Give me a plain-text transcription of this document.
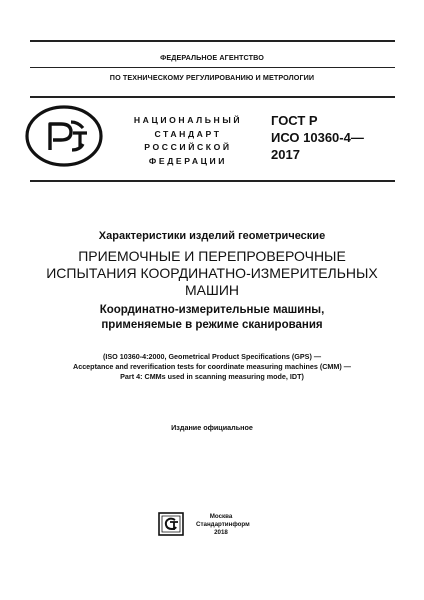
ФЕДЕРАЛЬНОЕ АГЕНТСТВО
ПО ТЕХНИЧЕСКОМУ РЕГУЛИРОВАНИЮ И МЕТРОЛОГИИ
НАЦИОНАЛЬНЫЙ
СТАНДАРТ
РОССИЙСКОЙ
ФЕДЕРАЦИИ
ГОСТ Р
ИСО 10360-4—
2017
Характеристики изделий геометрические
ПРИЕМОЧНЫЕ И ПЕРЕПРОВЕРОЧНЫЕ
ИСПЫТАНИЯ КООРДИНАТНО-ИЗМЕРИТЕЛЬНЫХ
МАШИН
Координатно-измерительные машины,
применяемые в режиме сканирования
(ISO 10360-4:2000, Geometrical Product Specifications (GPS) —
Acceptance and reverification tests for coordinate measuring machines (CMM) —
Part 4: CMMs used in scanning measuring mode, IDT)
Издание официальное
Москва
Стандартинформ
2018
